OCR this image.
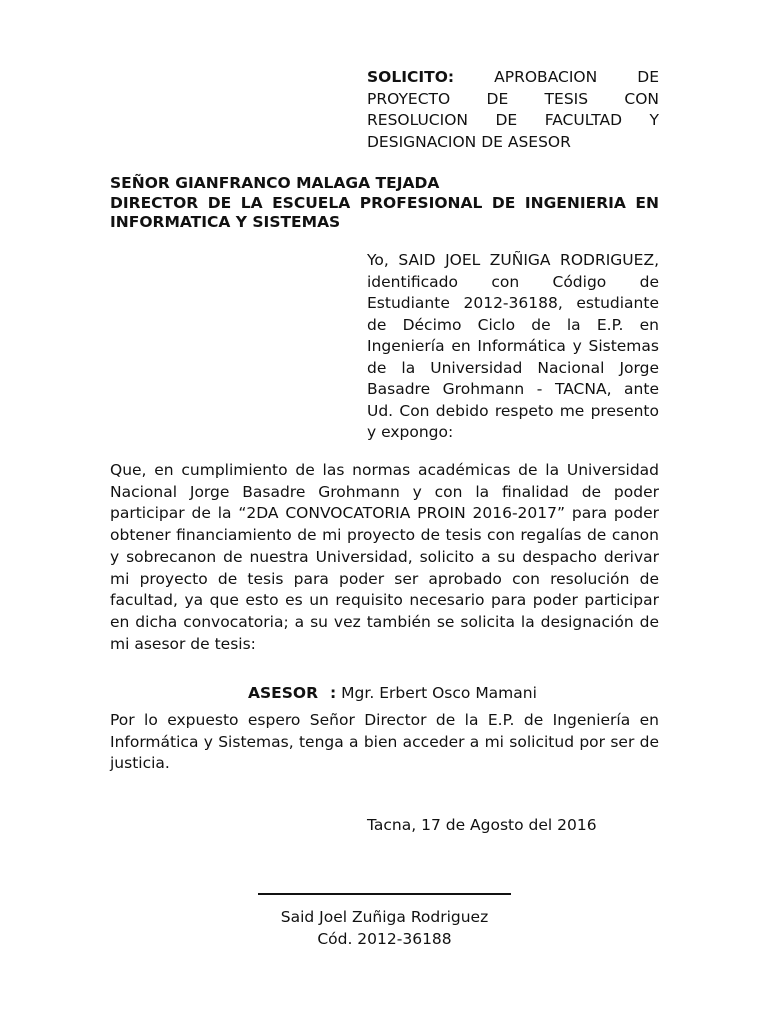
SOLICITO:	APROBACION DE PROYECTO DE TESIS CON RESOLUCION DE FACULTAD Y DESIGNACION DE ASESOR
SEÑOR GIANFRANCO MALAGA TEJADA
DIRECTOR DE LA ESCUELA PROFESIONAL DE INGENIERIA EN INFORMATICA Y SISTEMAS
Yo, SAID JOEL ZUÑIGA RODRIGUEZ, identificado con Código de Estudiante 2012-36188, estudiante de Décimo Ciclo de la E.P. en Ingeniería en Informática y Sistemas de la Universidad Nacional Jorge Basadre Grohmann - TACNA, ante Ud. Con debido respeto me presento y expongo:
Que, en cumplimiento de las normas académicas de la Universidad Nacional Jorge Basadre Grohmann y con la finalidad de poder participar de la “2DA CONVOCATORIA PROIN 2016-2017” para poder obtener financiamiento de mi proyecto de tesis con regalías de canon y sobrecanon de nuestra Universidad, solicito a su despacho derivar mi proyecto de tesis para poder ser aprobado con resolución de facultad, ya que esto es un requisito necesario para poder participar en dicha convocatoria; a su vez también se solicita la designación de mi asesor de tesis:
ASESOR : Mgr. Erbert Osco Mamani
Por lo expuesto espero Señor Director de la E.P. de Ingeniería en Informática y Sistemas, tenga a bien acceder a mi solicitud por ser de justicia.
Tacna, 17 de Agosto del 2016
Said Joel Zuñiga Rodriguez
Cód. 2012-36188
